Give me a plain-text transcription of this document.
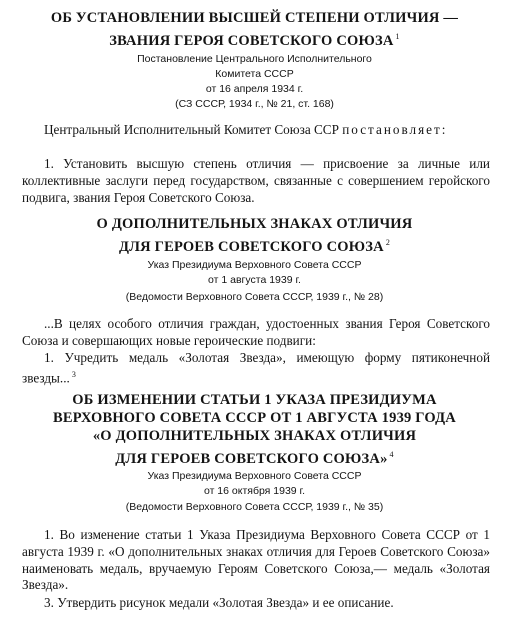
ОБ УСТАНОВЛЕНИИ ВЫСШЕЙ СТЕПЕНИ ОТЛИЧИЯ —
ЗВАНИЯ ГЕРОЯ СОВЕТСКОГО СОЮЗА $^1$
Постановление Центрального Исполнительного
Комитета СССР
от 16 апреля 1934 г.
(СЗ СССР, 1934 г., № 21, ст. 168)

Центральный Исполнительный Комитет Союза ССР постановляет:

1. Установить высшую степень отличия — присвоение за личные или коллективные заслуги перед государством, связанные с совершением геройского подвига, звания Героя Советского Союза.

О ДОПОЛНИТЕЛЬНЫХ ЗНАКАХ ОТЛИЧИЯ
ДЛЯ ГЕРОЕВ СОВЕТСКОГО СОЮЗА $^2$
Указ Президиума Верховного Совета СССР
от 1 августа 1939 г.
(Ведомости Верховного Совета СССР, 1939 г., № 28)

...В целях особого отличия граждан, удостоенных звания Героя Советского Союза и совершающих новые героические подвиги:

1. Учредить медаль «Золотая Звезда», имеющую форму пятиконечной звезды... $^3$

ОБ ИЗМЕНЕНИИ СТАТЬИ 1 УКАЗА ПРЕЗИДИУМА
ВЕРХОВНОГО СОВЕТА СССР ОТ 1 АВГУСТА 1939 ГОДА
«О ДОПОЛНИТЕЛЬНЫХ ЗНАКАХ ОТЛИЧИЯ
ДЛЯ ГЕРОЕВ СОВЕТСКОГО СОЮЗА» $^4$
Указ Президиума Верховного Совета СССР
от 16 октября 1939 г.
(Ведомости Верховного Совета СССР, 1939 г., № 35)

1. Во изменение статьи 1 Указа Президиума Верховного Совета СССР от 1 августа 1939 г. «О дополнительных знаках отличия для Героев Советского Союза» наименовать медаль, вручаемую Героям Советского Союза,— медаль «Золотая Звезда».

3. Утвердить рисунок медали «Золотая Звезда» и ее описание.
